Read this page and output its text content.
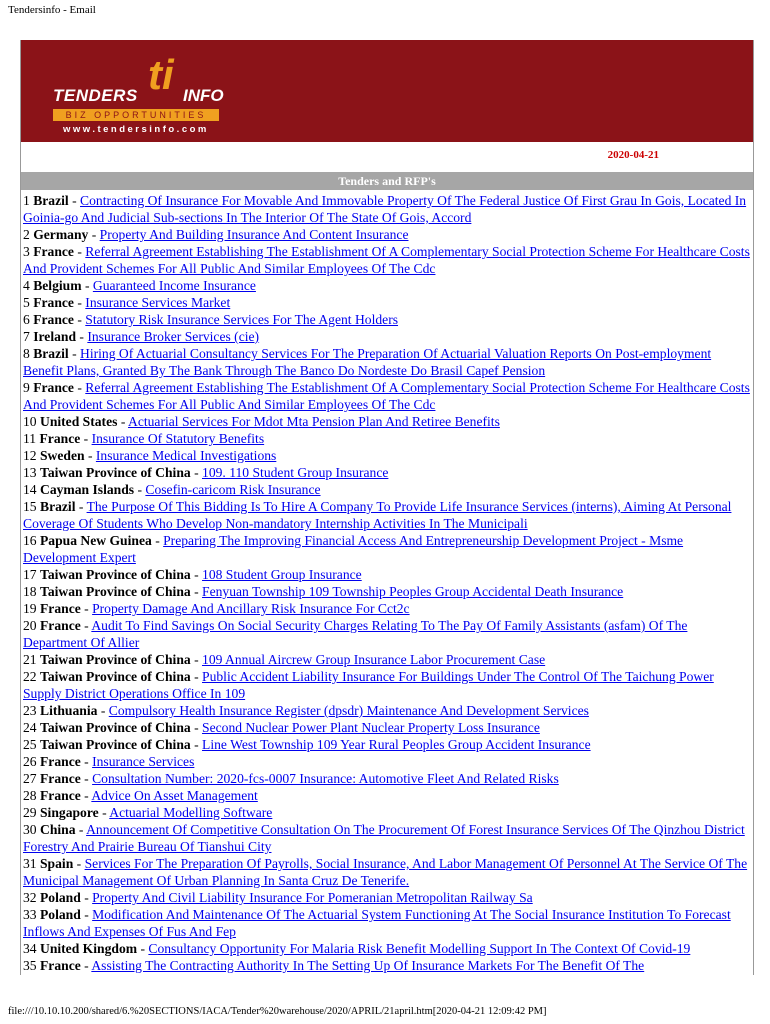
Tendersinfo - Email
ti
TENDERS	INFO
BIZ OPPORTUNITIES
www.tendersinfo.com
2020-04-21
Tenders and RFP's
1 Brazil - Contracting Of Insurance For Movable And Immovable Property Of The Federal Justice Of First Grau In Gois, Located In Goinia-go And Judicial Sub-sections In The Interior Of The State Of Gois, Accord
2 Germany - Property And Building Insurance And Content Insurance
3 France - Referral Agreement Establishing The Establishment Of A Complementary Social Protection Scheme For Healthcare Costs And Provident Schemes For All Public And Similar Employees Of The Cdc
4 Belgium - Guaranteed Income Insurance
5 France - Insurance Services Market
6 France - Statutory Risk Insurance Services For The Agent Holders
7 Ireland - Insurance Broker Services (cie)
8 Brazil - Hiring Of Actuarial Consultancy Services For The Preparation Of Actuarial Valuation Reports On Post-employment Benefit Plans, Granted By The Bank Through The Banco Do Nordeste Do Brasil Capef Pension
9 France - Referral Agreement Establishing The Establishment Of A Complementary Social Protection Scheme For Healthcare Costs And Provident Schemes For All Public And Similar Employees Of The Cdc
10 United States - Actuarial Services For Mdot Mta Pension Plan And Retiree Benefits
11 France - Insurance Of Statutory Benefits
12 Sweden - Insurance Medical Investigations
13 Taiwan Province of China - 109. 110 Student Group Insurance
14 Cayman Islands - Cosefin-caricom Risk Insurance
15 Brazil - The Purpose Of This Bidding Is To Hire A Company To Provide Life Insurance Services (interns), Aiming At Personal Coverage Of Students Who Develop Non-mandatory Internship Activities In The Municipali
16 Papua New Guinea - Preparing The Improving Financial Access And Entrepreneurship Development Project - Msme Development Expert
17 Taiwan Province of China - 108 Student Group Insurance
18 Taiwan Province of China - Fenyuan Township 109 Township Peoples Group Accidental Death Insurance
19 France - Property Damage And Ancillary Risk Insurance For Cct2c
20 France - Audit To Find Savings On Social Security Charges Relating To The Pay Of Family Assistants (asfam) Of The Department Of Allier
21 Taiwan Province of China - 109 Annual Aircrew Group Insurance Labor Procurement Case
22 Taiwan Province of China - Public Accident Liability Insurance For Buildings Under The Control Of The Taichung Power Supply District Operations Office In 109
23 Lithuania - Compulsory Health Insurance Register (dpsdr) Maintenance And Development Services
24 Taiwan Province of China - Second Nuclear Power Plant Nuclear Property Loss Insurance
25 Taiwan Province of China - Line West Township 109 Year Rural Peoples Group Accident Insurance
26 France - Insurance Services
27 France - Consultation Number: 2020-fcs-0007 Insurance: Automotive Fleet And Related Risks
28 France - Advice On Asset Management
29 Singapore - Actuarial Modelling Software
30 China - Announcement Of Competitive Consultation On The Procurement Of Forest Insurance Services Of The Qinzhou District Forestry And Prairie Bureau Of Tianshui City
31 Spain - Services For The Preparation Of Payrolls, Social Insurance, And Labor Management Of Personnel At The Service Of The Municipal Management Of Urban Planning In Santa Cruz De Tenerife.
32 Poland - Property And Civil Liability Insurance For Pomeranian Metropolitan Railway Sa
33 Poland - Modification And Maintenance Of The Actuarial System Functioning At The Social Insurance Institution To Forecast Inflows And Expenses Of Fus And Fep
34 United Kingdom - Consultancy Opportunity For Malaria Risk Benefit Modelling Support In The Context Of Covid-19
35 France - Assisting The Contracting Authority In The Setting Up Of Insurance Markets For The Benefit Of The
file:///10.10.10.200/shared/6.%20SECTIONS/IACA/Tender%20warehouse/2020/APRIL/21april.htm[2020-04-21 12:09:42 PM]
